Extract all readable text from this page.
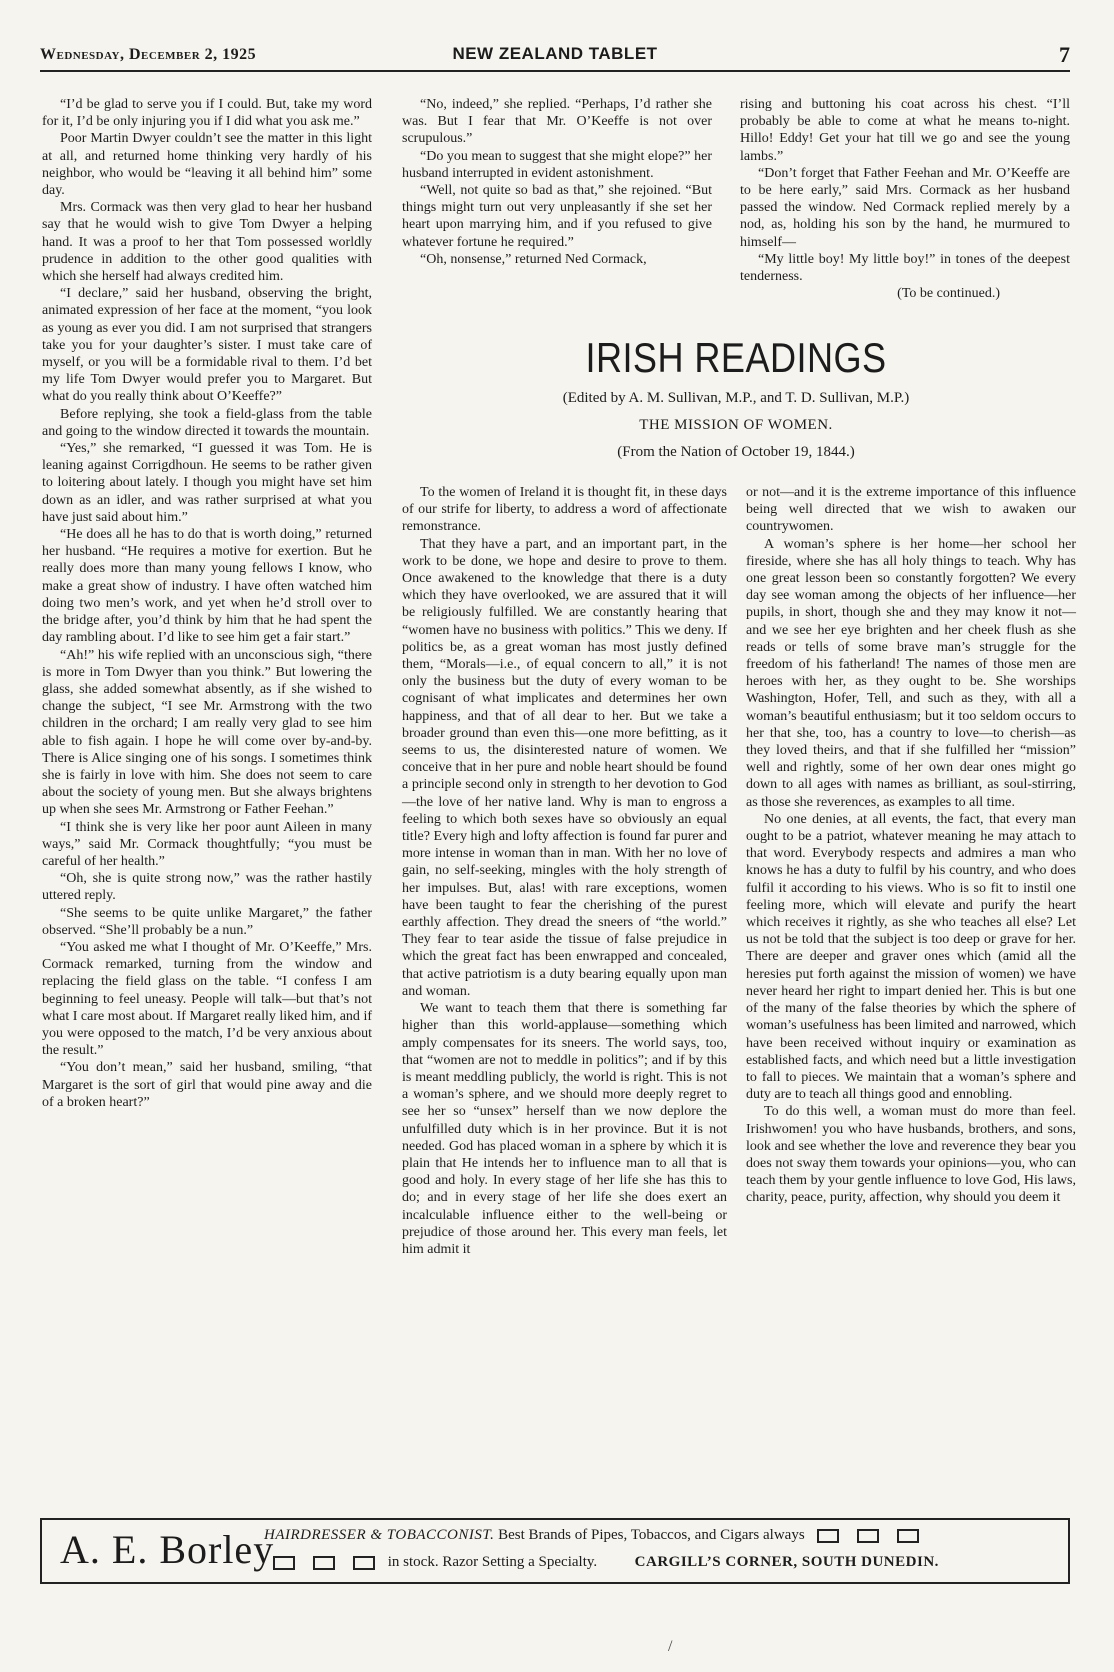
Wednesday, December 2, 1925	NEW ZEALAND TABLET	7

“I’d be glad to serve you if I could. But, take my word for it, I’d be only injuring you if I did what you ask me.”

Poor Martin Dwyer couldn’t see the matter in this light at all, and returned home thinking very hardly of his neighbor, who would be “leaving it all behind him” some day.

Mrs. Cormack was then very glad to hear her husband say that he would wish to give Tom Dwyer a helping hand. It was a proof to her that Tom possessed worldly prudence in addition to the other good qualities with which she herself had always credited him.

“I declare,” said her husband, observing the bright, animated expression of her face at the moment, “you look as young as ever you did. I am not surprised that strangers take you for your daughter’s sister. I must take care of myself, or you will be a formidable rival to them. I’d bet my life Tom Dwyer would prefer you to Margaret. But what do you really think about O’Keeffe?”

Before replying, she took a field-glass from the table and going to the window directed it towards the mountain.

“Yes,” she remarked, “I guessed it was Tom. He is leaning against Corrigdhoun. He seems to be rather given to loitering about lately. I though you might have set him down as an idler, and was rather surprised at what you have just said about him.”

“He does all he has to do that is worth doing,” returned her husband. “He requires a motive for exertion. But he really does more than many young fellows I know, who make a great show of industry. I have often watched him doing two men’s work, and yet when he’d stroll over to the bridge after, you’d think by him that he had spent the day rambling about. I’d like to see him get a fair start.”

“Ah!” his wife replied with an unconscious sigh, “there is more in Tom Dwyer than you think.” But lowering the glass, she added somewhat absently, as if she wished to change the subject, “I see Mr. Armstrong with the two children in the orchard; I am really very glad to see him able to fish again. I hope he will come over by-and-by. There is Alice singing one of his songs. I sometimes think she is fairly in love with him. She does not seem to care about the society of young men. But she always brightens up when she sees Mr. Armstrong or Father Feehan.”

“I think she is very like her poor aunt Aileen in many ways,” said Mr. Cormack thoughtfully; “you must be careful of her health.”

“Oh, she is quite strong now,” was the rather hastily uttered reply.

“She seems to be quite unlike Margaret,” the father observed. “She’ll probably be a nun.”

“You asked me what I thought of Mr. O’Keeffe,” Mrs. Cormack remarked, turning from the window and replacing the field glass on the table. “I confess I am beginning to feel uneasy. People will talk—but that’s not what I care most about. If Margaret really liked him, and if you were opposed to the match, I’d be very anxious about the result.”

“You don’t mean,” said her husband, smiling, “that Margaret is the sort of girl that would pine away and die of a broken heart?”

“No, indeed,” she replied. “Perhaps, I’d rather she was. But I fear that Mr. O’Keeffe is not over scrupulous.”

“Do you mean to suggest that she might elope?” her husband interrupted in evident astonishment.

“Well, not quite so bad as that,” she rejoined. “But things might turn out very unpleasantly if she set her heart upon marrying him, and if you refused to give whatever fortune he required.”

“Oh, nonsense,” returned Ned Cormack,

rising and buttoning his coat across his chest. “I’ll probably be able to come at what he means to-night. Hillo! Eddy! Get your hat till we go and see the young lambs.”

“Don’t forget that Father Feehan and Mr. O’Keeffe are to be here early,” said Mrs. Cormack as her husband passed the window. Ned Cormack replied merely by a nod, as, holding his son by the hand, he murmured to himself—

“My little boy! My little boy!” in tones of the deepest tenderness.

(To be continued.)

IRISH READINGS
(Edited by A. M. Sullivan, M.P., and T. D. Sullivan, M.P.)
THE MISSION OF WOMEN.
(From the Nation of October 19, 1844.)

To the women of Ireland it is thought fit, in these days of our strife for liberty, to address a word of affectionate remonstrance.

That they have a part, and an important part, in the work to be done, we hope and desire to prove to them. Once awakened to the knowledge that there is a duty which they have overlooked, we are assured that it will be religiously fulfilled. We are constantly hearing that “women have no business with politics.” This we deny. If politics be, as a great woman has most justly defined them, “Morals—i.e., of equal concern to all,” it is not only the business but the duty of every woman to be cognisant of what implicates and determines her own happiness, and that of all dear to her. But we take a broader ground than even this—one more befitting, as it seems to us, the disinterested nature of women. We conceive that in her pure and noble heart should be found a principle second only in strength to her devotion to God—the love of her native land. Why is man to engross a feeling to which both sexes have so obviously an equal title? Every high and lofty affection is found far purer and more intense in woman than in man. With her no love of gain, no self-seeking, mingles with the holy strength of her impulses. But, alas! with rare exceptions, women have been taught to fear the cherishing of the purest earthly affection. They dread the sneers of “the world.” They fear to tear aside the tissue of false prejudice in which the great fact has been enwrapped and concealed, that active patriotism is a duty bearing equally upon man and woman.

We want to teach them that there is something far higher than this world-applause—something which amply compensates for its sneers. The world says, too, that “women are not to meddle in politics”; and if by this is meant meddling publicly, the world is right. This is not a woman’s sphere, and we should more deeply regret to see her so “unsex” herself than we now deplore the unfulfilled duty which is in her province. But it is not needed. God has placed woman in a sphere by which it is plain that He intends her to influence man to all that is good and holy. In every stage of her life she has this to do; and in every stage of her life she does exert an incalculable influence either to the well-being or prejudice of those around her. This every man feels, let him admit it

or not—and it is the extreme importance of this influence being well directed that we wish to awaken our countrywomen.

A woman’s sphere is her home—her school her fireside, where she has all holy things to teach. Why has one great lesson been so constantly forgotten? We every day see woman among the objects of her influence—her pupils, in short, though she and they may know it not—and we see her eye brighten and her cheek flush as she reads or tells of some brave man’s struggle for the freedom of his fatherland! The names of those men are heroes with her, as they ought to be. She worships Washington, Hofer, Tell, and such as they, with all a woman’s beautiful enthusiasm; but it too seldom occurs to her that she, too, has a country to love—to cherish—as they loved theirs, and that if she fulfilled her “mission” well and rightly, some of her own dear ones might go down to all ages with names as brilliant, as soul-stirring, as those she reverences, as examples to all time.

No one denies, at all events, the fact, that every man ought to be a patriot, whatever meaning he may attach to that word. Everybody respects and admires a man who knows he has a duty to fulfil by his country, and who does fulfil it according to his views. Who is so fit to instil one feeling more, which will elevate and purify the heart which receives it rightly, as she who teaches all else? Let us not be told that the subject is too deep or grave for her. There are deeper and graver ones which (amid all the heresies put forth against the mission of women) we have never heard her right to impart denied her. This is but one of the many of the false theories by which the sphere of woman’s usefulness has been limited and narrowed, which have been received without inquiry or examination as established facts, and which need but a little investigation to fall to pieces. We maintain that a woman’s sphere and duty are to teach all things good and ennobling.

To do this well, a woman must do more than feel. Irishwomen! you who have husbands, brothers, and sons, look and see whether the love and reverence they bear you does not sway them towards your opinions—you, who can teach them by your gentle influence to love God, His laws, charity, peace, purity, affection, why should you deem it

A. E. Borley
HAIRDRESSER & TOBACCONIST. Best Brands of Pipes, Tobaccos, and Cigars always
in stock. Razor Setting a Specialty.	CARGILL’S CORNER, SOUTH DUNEDIN.
/
